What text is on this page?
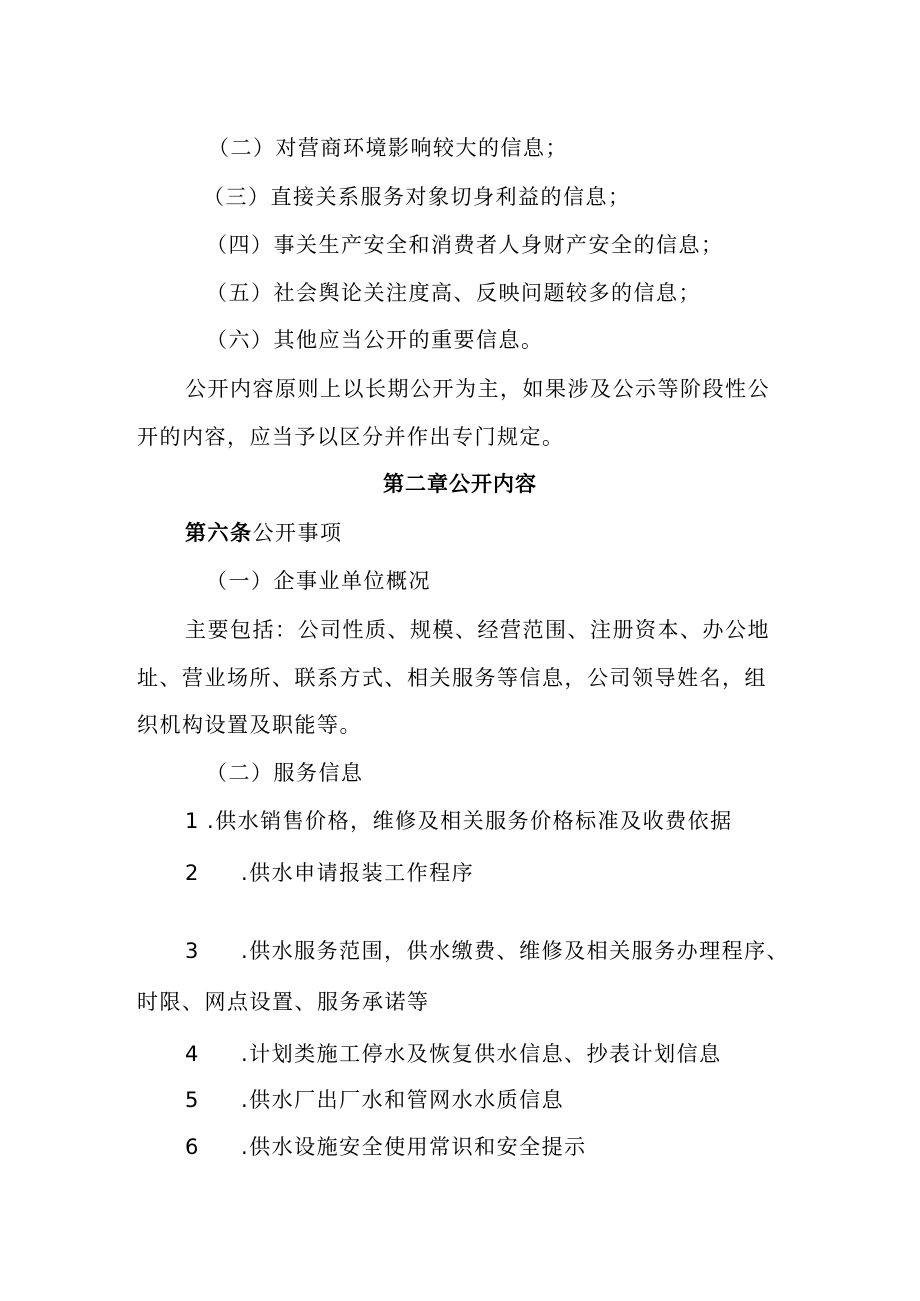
（二）对营商环境影响较大的信息；
（三）直接关系服务对象切身利益的信息；
（四）事关生产安全和消费者人身财产安全的信息；
（五）社会舆论关注度高、反映问题较多的信息；
（六）其他应当公开的重要信息。
公开内容原则上以长期公开为主，如果涉及公示等阶段性公
开的内容，应当予以区分并作出专门规定。
第二章公开内容
第六条公开事项
（一）企事业单位概况
主要包括：公司性质、规模、经营范围、注册资本、办公地
址、营业场所、联系方式、相关服务等信息，公司领导姓名，组
织机构设置及职能等。
（二）服务信息
1 .供水销售价格，维修及相关服务价格标准及收费依据
2 .供水申请报装工作程序
3 .供水服务范围，供水缴费、维修及相关服务办理程序、
时限、网点设置、服务承诺等
4 .计划类施工停水及恢复供水信息、抄表计划信息
5 .供水厂出厂水和管网水水质信息
6 .供水设施安全使用常识和安全提示
